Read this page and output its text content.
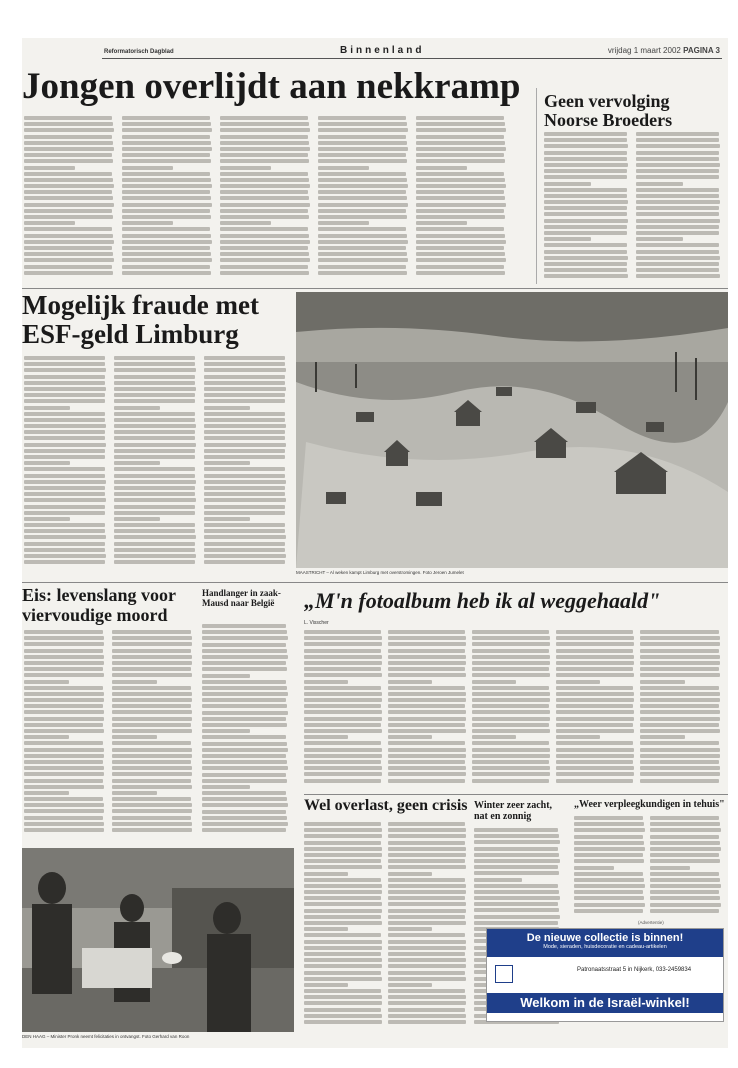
Reformatorisch Dagblad	Binnenland	vrijdag 1 maart 2002 PAGINA 3
Jongen overlijdt aan nekkramp Geen vervolging
Noorse Broeders
Mogelijk fraude met
ESF-geld Limburg
MAASTRICHT – Al weken kampt Limburg met overstromingen. Foto Jeroen Jumelet
Eis: levenslang voor
viervoudige moord
Handlanger in zaak-Mausd naar België	„M'n fotoalbum heb ik al weggehaald"
L. Visscher
DEN HAAG – Minister Pronk neemt felicitaties in ontvangst. Foto Gerhard van Roon
Wel overlast, geen crisis Winter zeer zacht, nat en zonnig
„Weer verpleegkundigen in tehuis"
(Advertentie)
De nieuwe collectie is binnen!
Mode, sieraden, huisdecoratie en cadeau-artikelen
Patronaatsstraat 5 in Nijkerk, 033-2459834
Welkom in de Israël-winkel!
